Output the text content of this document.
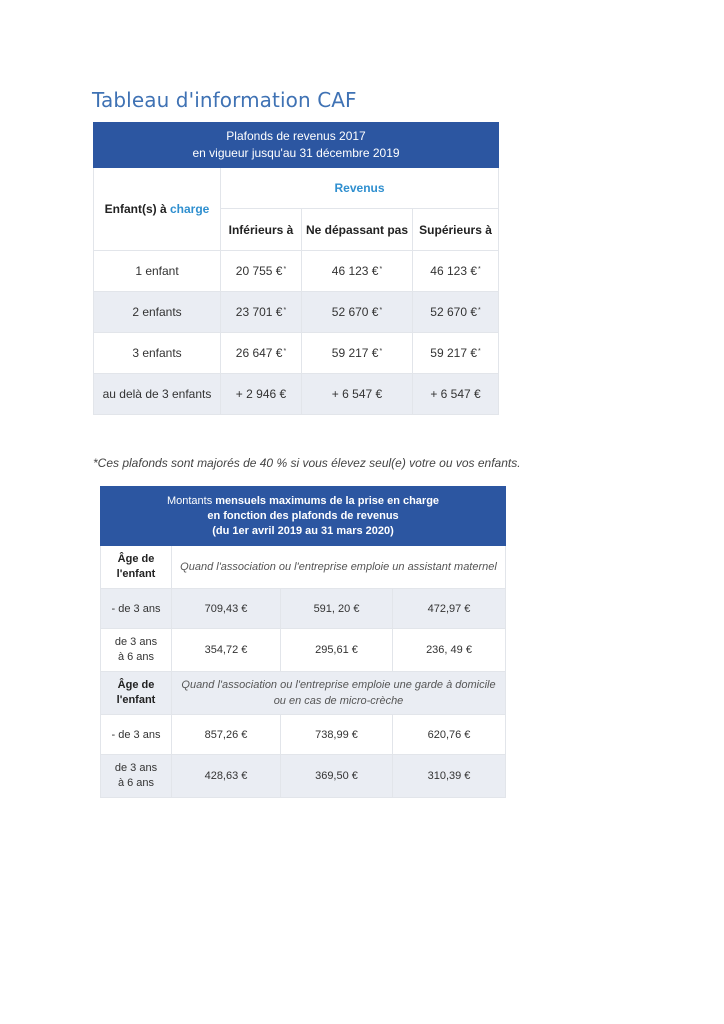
Tableau d'information CAF
Plafonds de revenus 2017
en vigueur jusqu'au 31 décembre 2019			
Enfant(s) à charge	Revenus		
	Inférieurs à	Ne dépassant pas	Supérieurs à
1 enfant	20 755 €*	46 123 €*	46 123 €*
2 enfants	23 701 €*	52 670 €*	52 670 €*
3 enfants	26 647 €*	59 217 €*	59 217 €*
au delà de 3 enfants	+ 2 946 €	+ 6 547 €	+ 6 547 €
*Ces plafonds sont majorés de 40 % si vous élevez seul(e) votre ou vos enfants.
Montants mensuels maximums de la prise en charge
en fonction des plafonds de revenus
(du 1er avril 2019 au 31 mars 2020)			
Âge de
l'enfant	Quand l'association ou l'entreprise emploie un assistant maternel		
- de 3 ans	709,43 €	591, 20 €	472,97 €
de 3 ans
à 6 ans	354,72 €	295,61 €	236, 49 €
Âge de
l'enfant	Quand l'association ou l'entreprise emploie une garde à domicile ou en cas de micro-crèche		
- de 3 ans	857,26 €	738,99 €	620,76 €
de 3 ans
à 6 ans	428,63 €	369,50 €	310,39 €
